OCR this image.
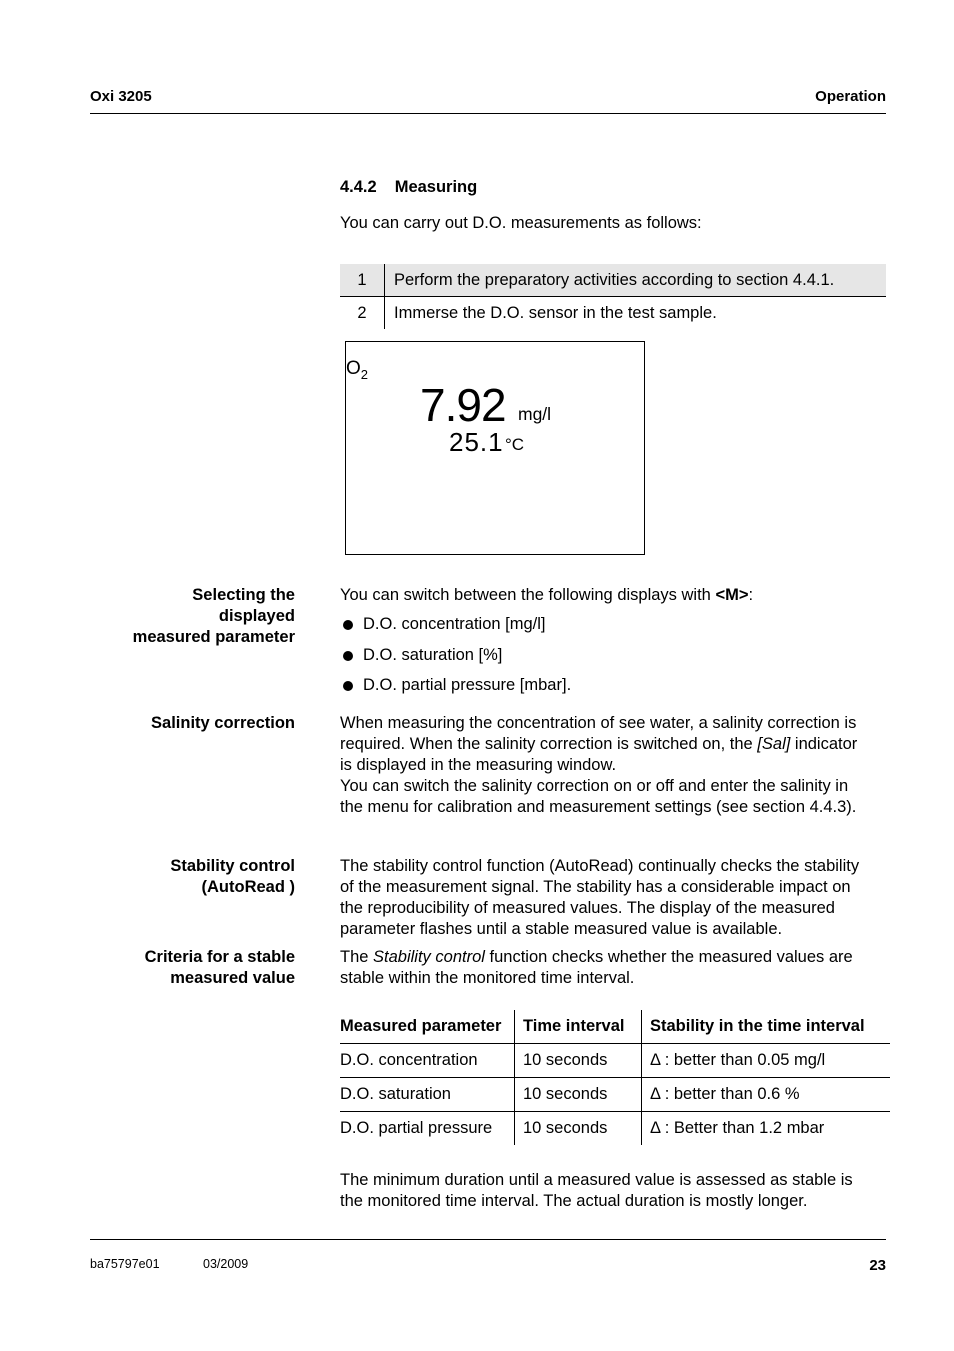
Oxi 3205	Operation
4.4.2 Measuring
You can carry out D.O. measurements as follows:
1	Perform the preparatory activities according to section 4.4.1.
2	Immerse the D.O. sensor in the test sample.
$O_2$
7.92 mg/l
25.1 °C
Selecting the
displayed
measured parameter
You can switch between the following displays with <M>:
D.O. concentration [mg/l]
D.O. saturation [%]
D.O. partial pressure [mbar].
Salinity correction	When measuring the concentration of see water, a salinity correction is
required. When the salinity correction is switched on, the [Sal] indicator
is displayed in the measuring window.
You can switch the salinity correction on or off and enter the salinity in
the menu for calibration and measurement settings (see section 4.4.3).
Stability control
(AutoRead )
The stability control function (AutoRead) continually checks the stability
of the measurement signal. The stability has a considerable impact on
the reproducibility of measured values. The display of the measured
parameter flashes until a stable measured value is available.
Criteria for a stable
measured value
The Stability control function checks whether the measured values are
stable within the monitored time interval.
Measured parameter	Time interval	Stability in the time interval
D.O. concentration	10 seconds	Δ : better than 0.05 mg/l
D.O. saturation	10 seconds	Δ : better than 0.6 %
D.O. partial pressure	10 seconds	Δ : Better than 1.2 mbar
The minimum duration until a measured value is assessed as stable is
the monitored time interval. The actual duration is mostly longer.
ba75797e01	03/2009	23
